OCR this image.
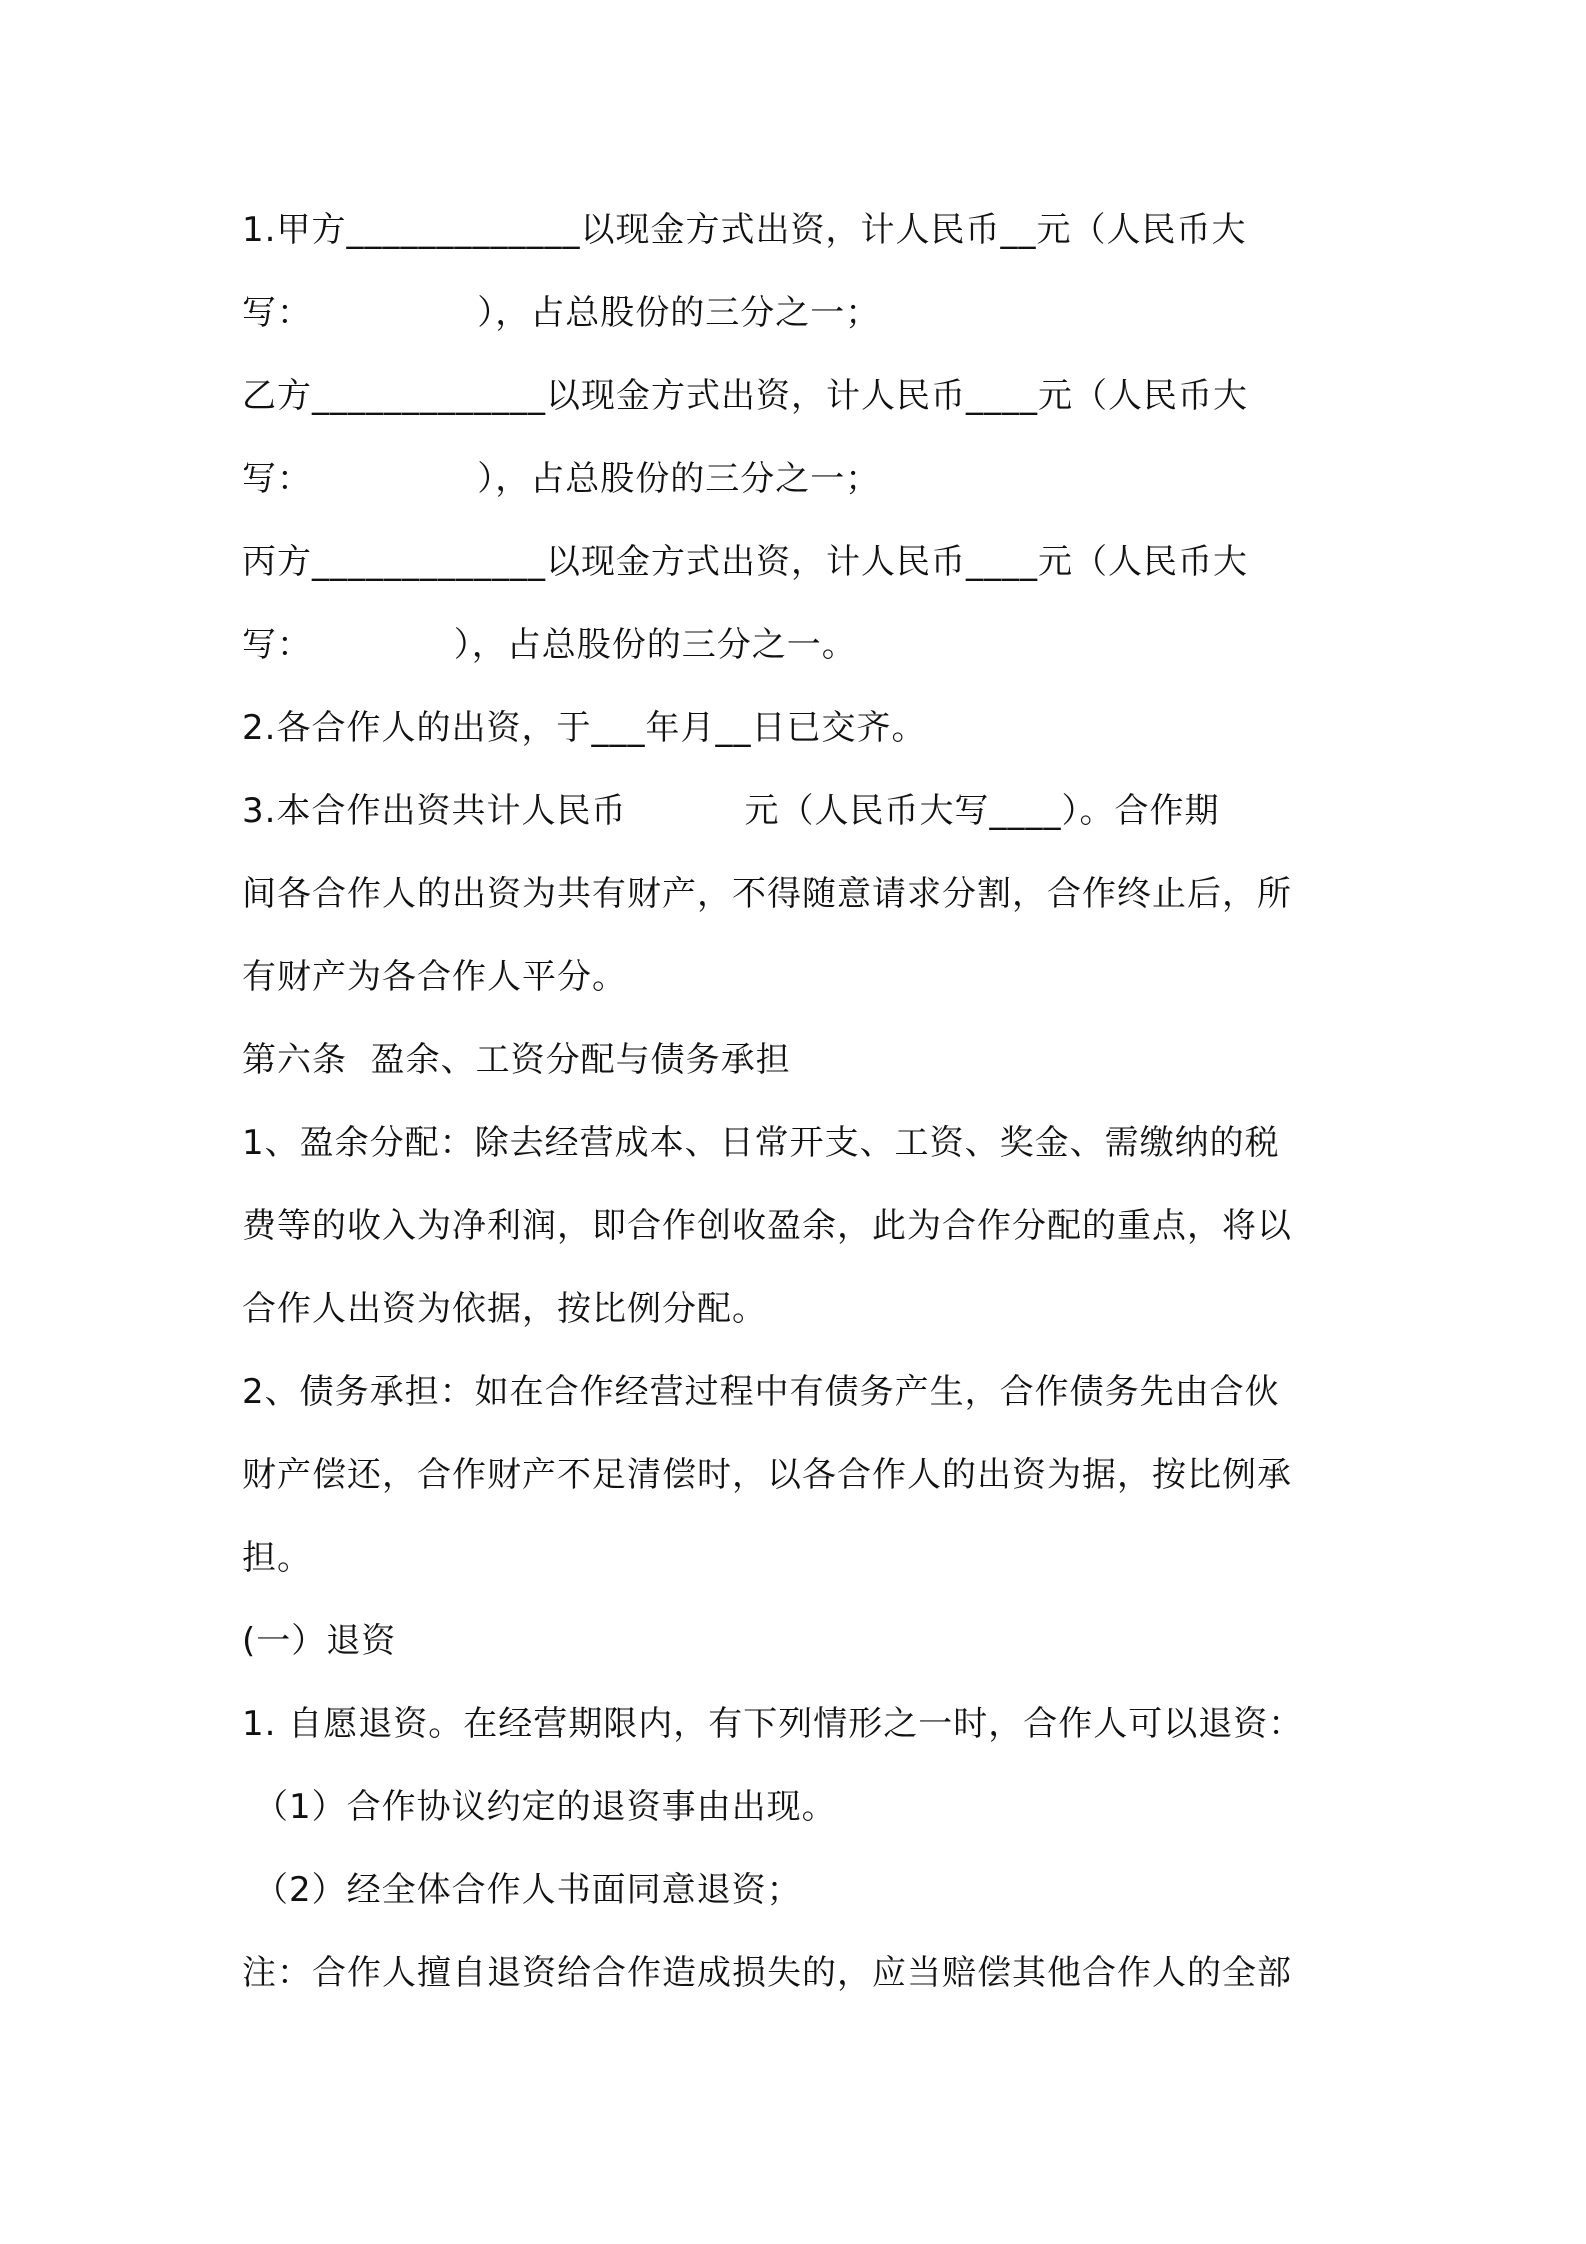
1.甲方_____________以现金方式出资，计人民币__元（人民币大
写：              ），占总股份的三分之一；
乙方_____________以现金方式出资，计人民币____元（人民币大
写：              ），占总股份的三分之一；
丙方_____________以现金方式出资，计人民币____元（人民币大
写：            ），占总股份的三分之一。
2.各合作人的出资，于___年月__日已交齐。
3.本合作出资共计人民币          元（人民币大写____）。合作期
间各合作人的出资为共有财产，不得随意请求分割，合作终止后，所
有财产为各合作人平分。
第六条  盈余、工资分配与债务承担
1、盈余分配：除去经营成本、日常开支、工资、奖金、需缴纳的税
费等的收入为净利润，即合作创收盈余，此为合作分配的重点，将以
合作人出资为依据，按比例分配。
2、债务承担：如在合作经营过程中有债务产生，合作债务先由合伙
财产偿还，合作财产不足清偿时，以各合作人的出资为据，按比例承
担。
(一）退资
1. 自愿退资。在经营期限内，有下列情形之一时，合作人可以退资：
（1）合作协议约定的退资事由出现。
（2）经全体合作人书面同意退资；
注：合作人擅自退资给合作造成损失的，应当赔偿其他合作人的全部
